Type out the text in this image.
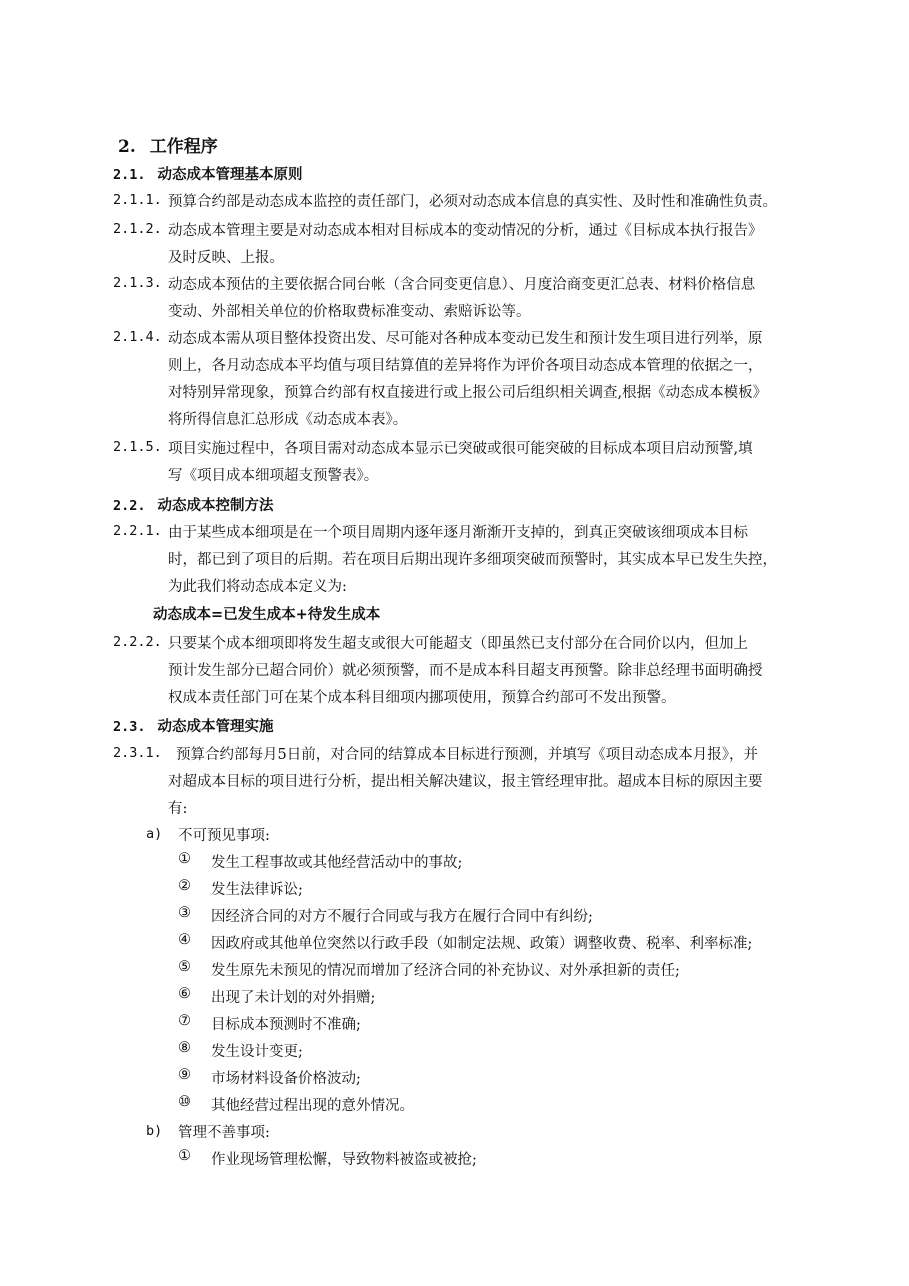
2. 工作程序
2.1. 动态成本管理基本原则
2.1.1. 预算合约部是动态成本监控的责任部门，必须对动态成本信息的真实性、及时性和准确性负责。
2.1.2. 动态成本管理主要是对动态成本相对目标成本的变动情况的分析，通过《目标成本执行报告》
及时反映、上报。
2.1.3. 动态成本预估的主要依据合同台帐（含合同变更信息）、月度洽商变更汇总表、材料价格信息
变动、外部相关单位的价格取费标准变动、索赔诉讼等。
2.1.4. 动态成本需从项目整体投资出发、尽可能对各种成本变动已发生和预计发生项目进行列举，原
则上，各月动态成本平均值与项目结算值的差异将作为评价各项目动态成本管理的依据之一，
对特别异常现象，预算合约部有权直接进行或上报公司后组织相关调查,根据《动态成本模板》
将所得信息汇总形成《动态成本表》。
2.1.5. 项目实施过程中，各项目需对动态成本显示已突破或很可能突破的目标成本项目启动预警,填
写《项目成本细项超支预警表》。
2.2. 动态成本控制方法
2.2.1. 由于某些成本细项是在一个项目周期内逐年逐月渐渐开支掉的，到真正突破该细项成本目标
时，都已到了项目的后期。若在项目后期出现许多细项突破而预警时，其实成本早已发生失控，
为此我们将动态成本定义为:
动态成本=已发生成本+待发生成本
2.2.2. 只要某个成本细项即将发生超支或很大可能超支（即虽然已支付部分在合同价以内，但加上
预计发生部分已超合同价）就必须预警，而不是成本科目超支再预警。除非总经理书面明确授
权成本责任部门可在某个成本科目细项内挪项使用，预算合约部可不发出预警。
2.3. 动态成本管理实施
2.3.1. 预算合约部每月5日前，对合同的结算成本目标进行预测，并填写《项目动态成本月报》，并
对超成本目标的项目进行分析，提出相关解决建议，报主管经理审批。超成本目标的原因主要
有:
a) 不可预见事项:
① 发生工程事故或其他经营活动中的事故;
② 发生法律诉讼;
③ 因经济合同的对方不履行合同或与我方在履行合同中有纠纷;
④ 因政府或其他单位突然以行政手段（如制定法规、政策）调整收费、税率、利率标准;
⑤ 发生原先未预见的情况而增加了经济合同的补充协议、对外承担新的责任;
⑥ 出现了未计划的对外捐赠;
⑦ 目标成本预测时不准确;
⑧ 发生设计变更;
⑨ 市场材料设备价格波动;
⑩ 其他经营过程出现的意外情况。
b) 管理不善事项:
① 作业现场管理松懈，导致物料被盗或被抢;
